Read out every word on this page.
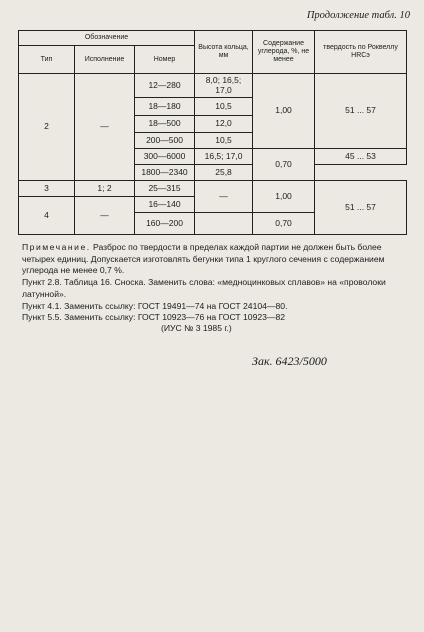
Продолжение табл. 10
Обозначение			Высота кольца, мм	Содержание углерода, %, не менее	твердость по Роквеллу HRCэ
Тип	Исполнение	Номер			
2	—	12—280	8,0; 16,5; 17,0	1,00	51 ... 57
		18—180	10,5		
		18—500	12,0		
		200—500	10,5		
		300—6000	16,5; 17,0	0,70	45 ... 53
		1800—2340	25,8		
3	1; 2	25—315	—	1,00	51 ... 57
4	—	16—140			
		160—200		0,70	
Примечание. Разброс по твердости в пределах каждой партии не должен быть более четырех единиц. Допускается изготовлять бегунки типа 1 круглого сечения с содержанием углерода не менее 0,7 %.
Пункт 2.8. Таблица 16. Сноска. Заменить слова: «медноцинковых сплавов» на «проволоки латунной».
Пункт 4.1. Заменить ссылку: ГОСТ 19491—74 на ГОСТ 24104—80.
Пункт 5.5. Заменить ссылку: ГОСТ 10923—76 на ГОСТ 10923—82
(ИУС № 3 1985 г.)
Зак. 6423/5000
